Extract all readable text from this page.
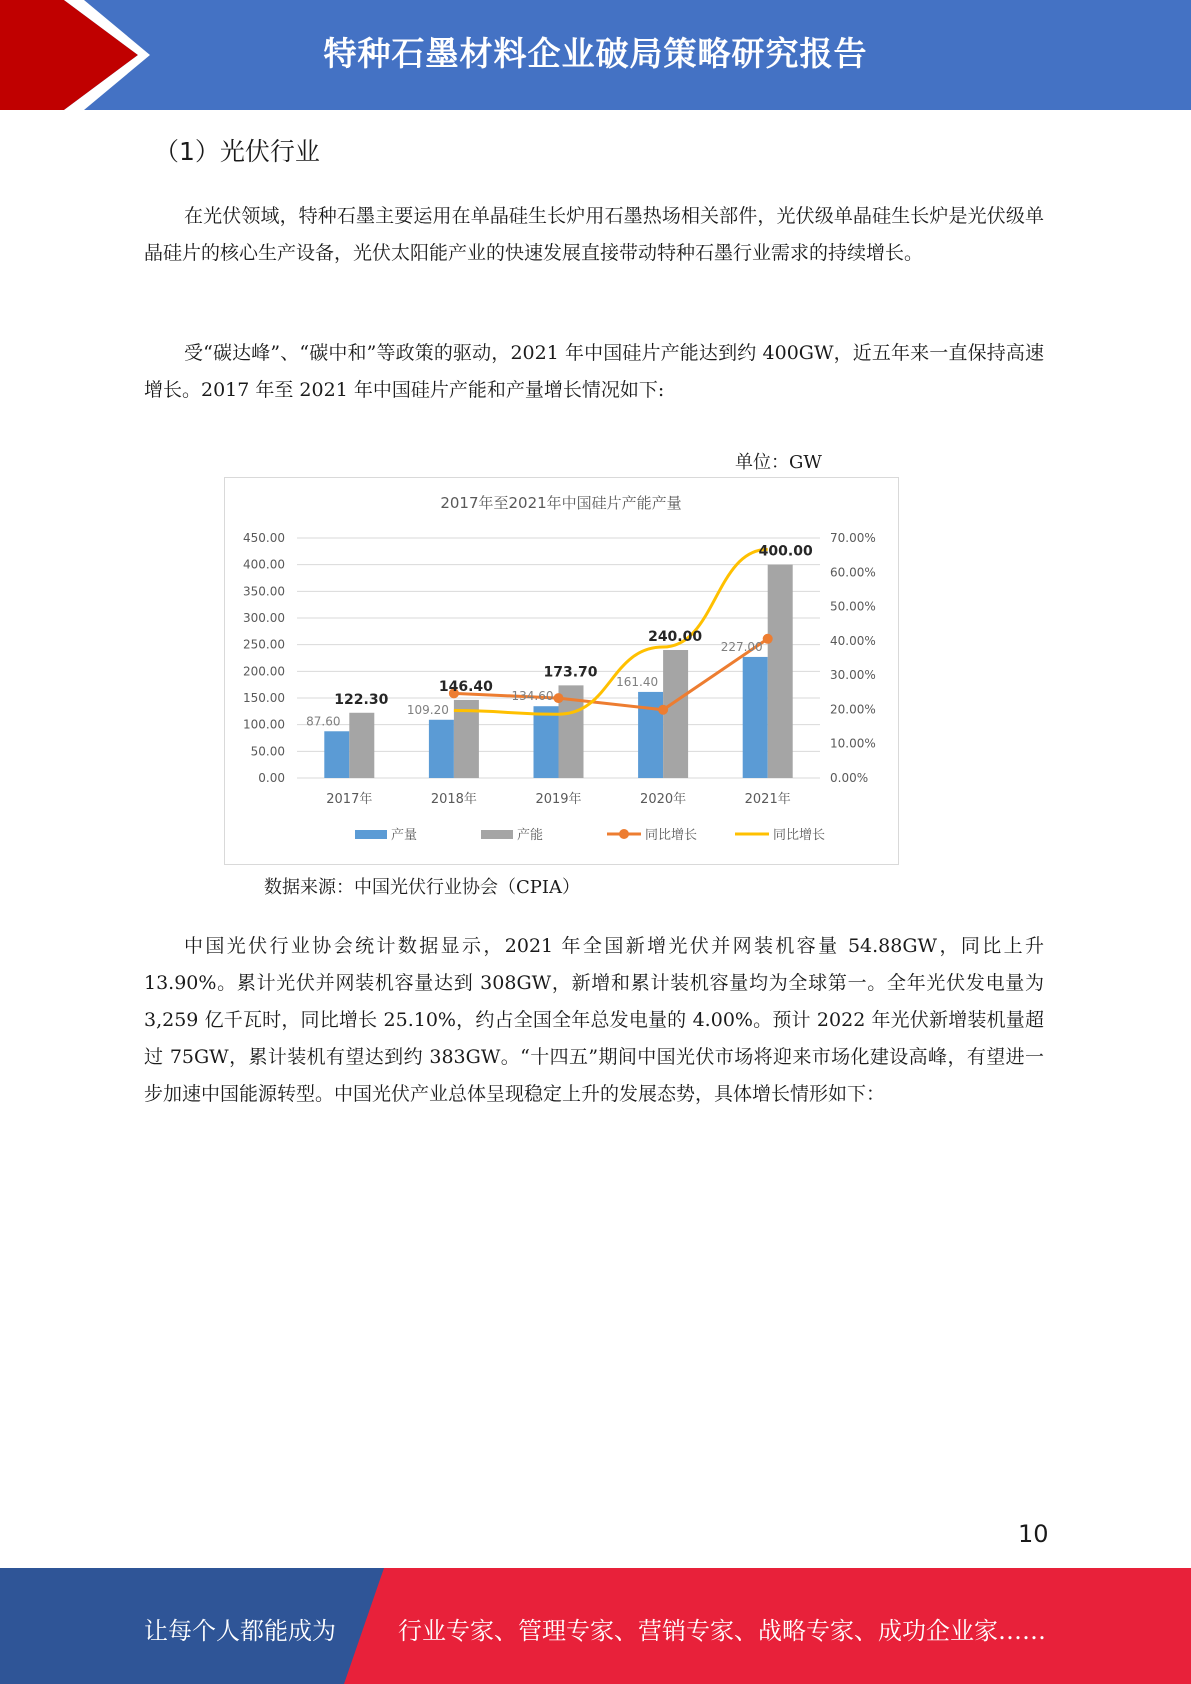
特种石墨材料企业破局策略研究报告
（1）光伏行业

在光伏领域，特种石墨主要运用在单晶硅生长炉用石墨热场相关部件，光伏级单晶硅生长炉是光伏级单晶硅片的核心生产设备，光伏太阳能产业的快速发展直接带动特种石墨行业需求的持续增长。

受“碳达峰”、“碳中和”等政策的驱动，2021 年中国硅片产能达到约 400GW，近五年来一直保持高速增长。2017 年至 2021 年中国硅片产能和产量增长情况如下:

单位：GW
2017年至2021年中国硅片产能产量
0.00
50.00
100.00
150.00
200.00
250.00
300.00
350.00
400.00
450.00
0.00%
10.00%
20.00%
30.00%
40.00%
50.00%
60.00%
70.00%
2017年	2018年	2019年	2020年	2021年
87.60
109.20
134.60
161.40
227.00
122.30
146.40
173.70
240.00
400.00
产量	产能	同比增长	同比增长
数据来源：中国光伏行业协会（CPIA）

中国光伏行业协会统计数据显示，2021 年全国新增光伏并网装机容量 54.88GW，同比上升 13.90%。累计光伏并网装机容量达到 308GW，新增和累计装机容量均为全球第一。全年光伏发电量为 3,259 亿千瓦时，同比增长 25.10%，约占全国全年总发电量的 4.00%。预计 2022 年光伏新增装机量超过 75GW，累计装机有望达到约 383GW。“十四五”期间中国光伏市场将迎来市场化建设高峰，有望进一步加速中国能源转型。中国光伏产业总体呈现稳定上升的发展态势，具体增长情形如下：

10
让每个人都能成为	行业专家、管理专家、营销专家、战略专家、成功企业家……
